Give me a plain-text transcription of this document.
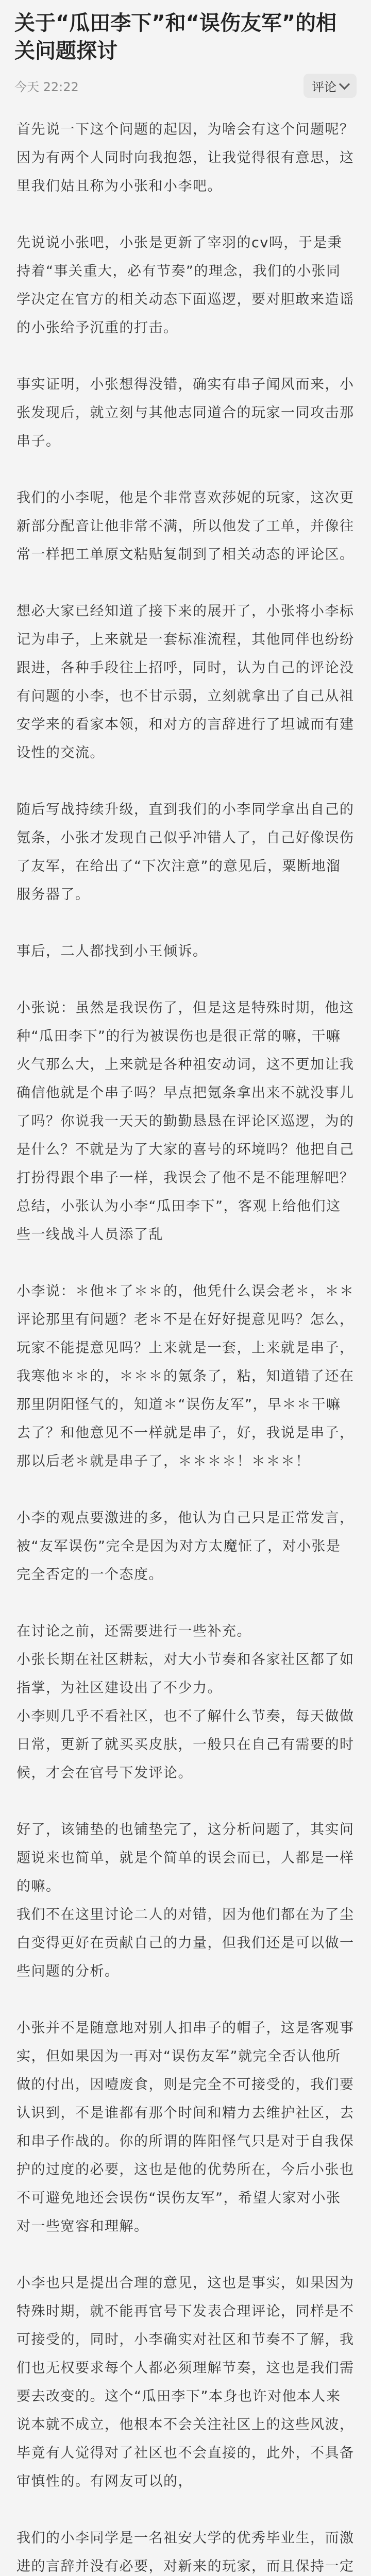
关于“瓜田李下”和“误伤友军”的相关问题探讨
今天 22:22	评论

首先说一下这个问题的起因，为啥会有这个问题呢？因为有两个人同时向我抱怨，让我觉得很有意思，这里我们姑且称为小张和小李吧。

先说说小张吧，小张是更新了宰羽的cv吗，于是秉持着“事关重大，必有节奏”的理念，我们的小张同学决定在官方的相关动态下面巡逻，要对胆敢来造谣的小张给予沉重的打击。

事实证明，小张想得没错，确实有串子闻风而来，小张发现后，就立刻与其他志同道合的玩家一同攻击那串子。

我们的小李呢，他是个非常喜欢莎妮的玩家，这次更新部分配音让他非常不满，所以他发了工单，并像往常一样把工单原文粘贴复制到了相关动态的评论区。

想必大家已经知道了接下来的展开了，小张将小李标记为串子，上来就是一套标准流程，其他同伴也纷纷跟进，各种手段往上招呼，同时，认为自己的评论没有问题的小李，也不甘示弱，立刻就拿出了自己从祖安学来的看家本领，和对方的言辞进行了坦诚而有建设性的交流。

随后写战持续升级，直到我们的小李同学拿出自己的氪条，小张才发现自己似乎冲错人了，自己好像误伤了友军，在给出了“下次注意”的意见后，粟断地溜服务器了。

事后，二人都找到小王倾诉。

小张说：虽然是我误伤了，但是这是特殊时期，他这种“瓜田李下”的行为被误伤也是很正常的嘛，干嘛火气那么大，上来就是各种祖安动词，这不更加让我确信他就是个串子吗？早点把氪条拿出来不就没事儿了吗？你说我一天天的勤勤恳恳在评论区巡逻，为的是什么？不就是为了大家的喜号的环境吗？他把自己打扮得跟个串子一样，我误会了他不是不能理解吧？
总结，小张认为小李“瓜田李下”，客观上给他们这些一线战斗人员添了乱

小李说：＊他＊了＊＊的，他凭什么误会老＊，＊＊评论那里有问题？老＊不是在好好提意见吗？怎么，玩家不能提意见吗？上来就是一套，上来就是串子，我寒他＊＊的，＊＊＊的氪条了，粘，知道错了还在那里阴阳怪气的，知道＊“误伤友军”，早＊＊干嘛去了？和他意见不一样就是串子，好，我说是串子，那以后老＊就是串子了，＊＊＊＊！＊＊＊！

小李的观点要激进的多，他认为自己只是正常发言，被“友军误伤”完全是因为对方太魔怔了，对小张是完全否定的一个态度。

在讨论之前，还需要进行一些补充。
小张长期在社区耕耘，对大小节奏和各家社区都了如指掌，为社区建设出了不少力。
小李则几乎不看社区，也不了解什么节奏，每天做做日常，更新了就买买皮肤，一般只在自己有需要的时候，才会在官号下发评论。

好了，该铺垫的也铺垫完了，这分析问题了，其实问题说来也简单，就是个简单的误会而已，人都是一样的嘛。
我们不在这里讨论二人的对错，因为他们都在为了尘白变得更好在贡献自己的力量，但我们还是可以做一些问题的分析。

小张并不是随意地对别人扣串子的帽子，这是客观事实，但如果因为一再对“误伤友军”就完全否认他所做的付出，因噎废食，则是完全不可接受的，我们要认识到，不是谁都有那个时间和精力去维护社区，去和串子作战的。你的所谓的阵阳怪气只是对于自我保护的过度的必要，这也是他的优势所在，今后小张也不可避免地还会误伤“误伤友军”，希望大家对小张对一些宽容和理解。

小李也只是提出合理的意见，这也是事实，如果因为特殊时期，就不能再官号下发表合理评论，同样是不可接受的，同时，小李确实对社区和节奏不了解，我们也无权要求每个人都必须理解节奏，这也是我们需要去改变的。这个“瓜田李下”本身也许对他本人来说本就不成立，他根本不会关注社区上的这些风波，毕竟有人觉得对了社区也不会直接的，此外，不具备审慎性的。有网友可以的，

我们的小李同学是一名祖安大学的优秀毕业生，而激进的言辞并没有必要，对新来的玩家，而且保持一定
